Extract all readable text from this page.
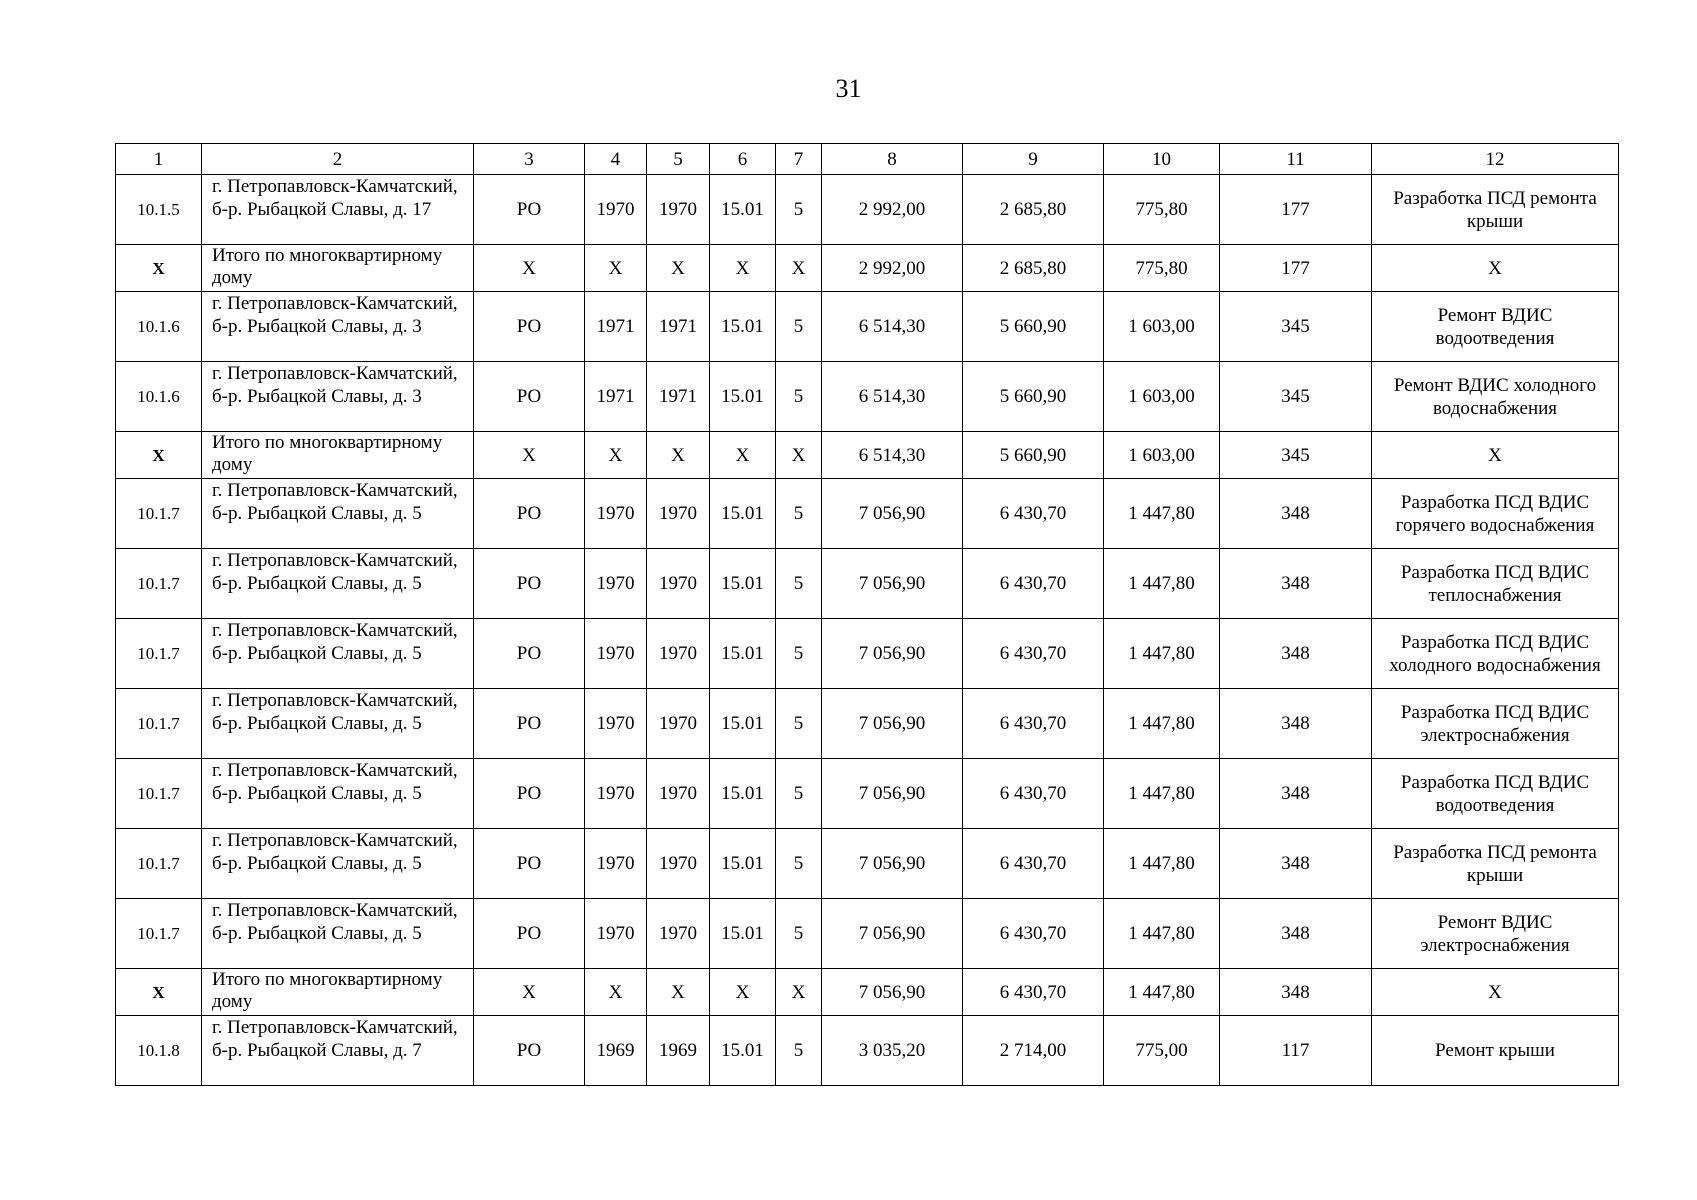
31
1	2	3	4	5	6	7	8	9	10	11	12
10.1.5	г. Петропавловск-Камчатский, б-р. Рыбацкой Славы, д. 17	РО	1970	1970	15.01	5	2 992,00	2 685,80	775,80	177	Разработка ПСД ремонта крыши
X	Итого по многоквартирному дому	X	X	X	X	X	2 992,00	2 685,80	775,80	177	X
10.1.6	г. Петропавловск-Камчатский, б-р. Рыбацкой Славы, д. 3	РО	1971	1971	15.01	5	6 514,30	5 660,90	1 603,00	345	Ремонт ВДИС водоотведения
10.1.6	г. Петропавловск-Камчатский, б-р. Рыбацкой Славы, д. 3	РО	1971	1971	15.01	5	6 514,30	5 660,90	1 603,00	345	Ремонт ВДИС холодного водоснабжения
X	Итого по многоквартирному дому	X	X	X	X	X	6 514,30	5 660,90	1 603,00	345	X
10.1.7	г. Петропавловск-Камчатский, б-р. Рыбацкой Славы, д. 5	РО	1970	1970	15.01	5	7 056,90	6 430,70	1 447,80	348	Разработка ПСД ВДИС горячего водоснабжения
10.1.7	г. Петропавловск-Камчатский, б-р. Рыбацкой Славы, д. 5	РО	1970	1970	15.01	5	7 056,90	6 430,70	1 447,80	348	Разработка ПСД ВДИС теплоснабжения
10.1.7	г. Петропавловск-Камчатский, б-р. Рыбацкой Славы, д. 5	РО	1970	1970	15.01	5	7 056,90	6 430,70	1 447,80	348	Разработка ПСД ВДИС холодного водоснабжения
10.1.7	г. Петропавловск-Камчатский, б-р. Рыбацкой Славы, д. 5	РО	1970	1970	15.01	5	7 056,90	6 430,70	1 447,80	348	Разработка ПСД ВДИС электроснабжения
10.1.7	г. Петропавловск-Камчатский, б-р. Рыбацкой Славы, д. 5	РО	1970	1970	15.01	5	7 056,90	6 430,70	1 447,80	348	Разработка ПСД ВДИС водоотведения
10.1.7	г. Петропавловск-Камчатский, б-р. Рыбацкой Славы, д. 5	РО	1970	1970	15.01	5	7 056,90	6 430,70	1 447,80	348	Разработка ПСД ремонта крыши
10.1.7	г. Петропавловск-Камчатский, б-р. Рыбацкой Славы, д. 5	РО	1970	1970	15.01	5	7 056,90	6 430,70	1 447,80	348	Ремонт ВДИС электроснабжения
X	Итого по многоквартирному дому	X	X	X	X	X	7 056,90	6 430,70	1 447,80	348	X
10.1.8	г. Петропавловск-Камчатский, б-р. Рыбацкой Славы, д. 7	РО	1969	1969	15.01	5	3 035,20	2 714,00	775,00	117	Ремонт крыши
